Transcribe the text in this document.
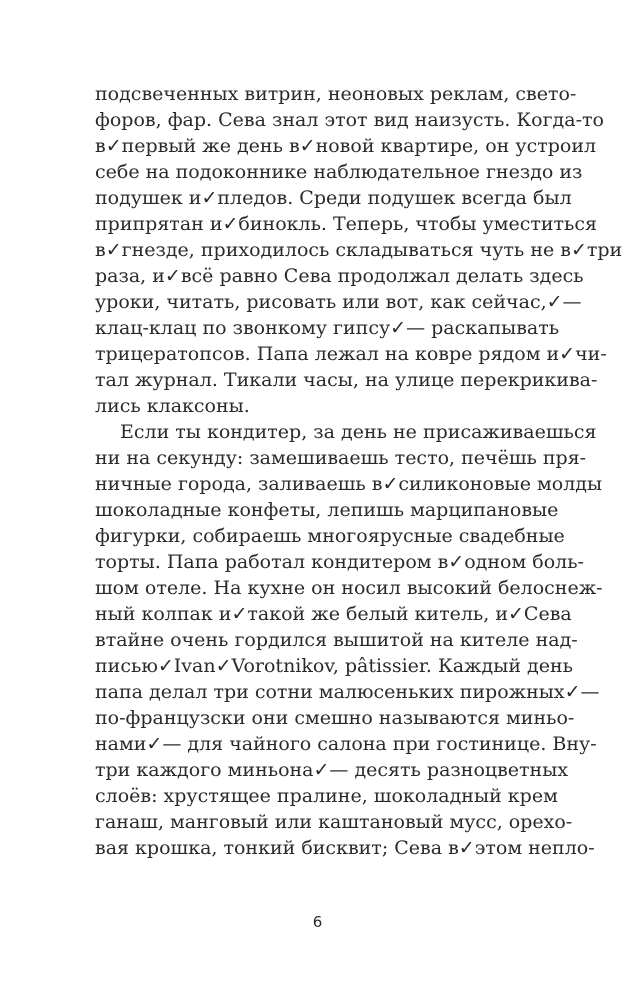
подсвеченных витрин, неоновых реклам, свето-
форов, фар. Сева знал этот вид наизусть. Когда-то
в✓первый же день в✓новой квартире, он устроил
себе на подоконнике наблюдательное гнездо из
подушек и✓пледов. Среди подушек всегда был
припрятан и✓бинокль. Теперь, чтобы уместиться
в✓гнезде, приходилось складываться чуть не в✓три
раза, и✓всё равно Сева продолжал делать здесь
уроки, читать, рисовать или вот, как сейчас,✓—
клац-клац по звонкому гипсу✓— раскапывать
трицератопсов. Папа лежал на ковре рядом и✓чи-
тал журнал. Тикали часы, на улице перекрикива-
лись клаксоны.
Если ты кондитер, за день не присаживаешься
ни на секунду: замешиваешь тесто, печёшь пря-
ничные города, заливаешь в✓силиконовые молды
шоколадные конфеты, лепишь марципановые
фигурки, собираешь многоярусные свадебные
торты. Папа работал кондитером в✓одном боль-
шом отеле. На кухне он носил высокий белоснеж-
ный колпак и✓такой же белый китель, и✓Сева
втайне очень гордился вышитой на кителе над-
писью✓Ivan✓Vorotnikov, pâtissier. Каждый день
папа делал три сотни малюсеньких пирожных✓—
по-французски они смешно называются миньо-
нами✓— для чайного салона при гостинице. Вну-
три каждого миньона✓— десять разноцветных
слоёв: хрустящее пралине, шоколадный крем
ганаш, манговый или каштановый мусс, орехо-
вая крошка, тонкий бисквит; Сева в✓этом непло-
6
